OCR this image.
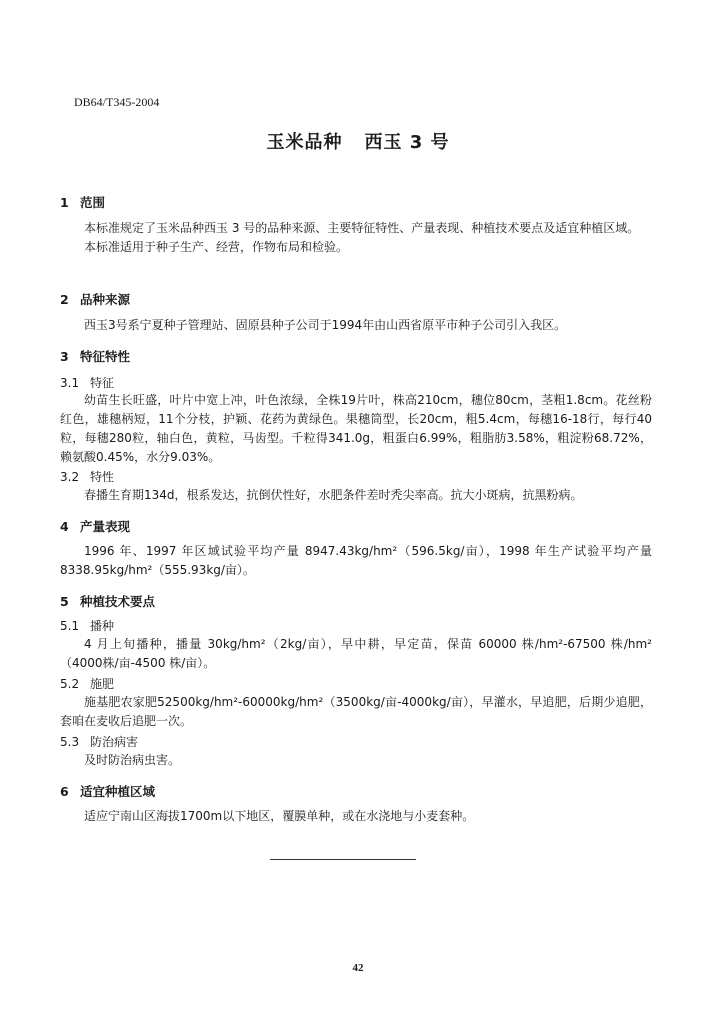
DB64/T345-2004
玉米品种 西玉 3 号
1 范围

本标准规定了玉米品种西玉 3 号的品种来源、主要特征特性、产量表现、种植技术要点及适宜种植区域。

本标准适用于种子生产、经营，作物布局和检验。

2 品种来源

西玉3号系宁夏种子管理站、固原县种子公司于1994年由山西省原平市种子公司引入我区。

3 特征特性
3.1 特征

幼苗生长旺盛，叶片中宽上冲，叶色浓绿，全株19片叶，株高210cm，穗位80cm，茎粗1.8cm。花丝粉红色，雄穗柄短，11个分枝，护颖、花药为黄绿色。果穗筒型，长20cm，粗5.4cm，每穗16-18行，每行40粒，每穗280粒，轴白色，黄粒，马齿型。千粒得341.0g，粗蛋白6.99%，粗脂肪3.58%，粗淀粉68.72%，赖氨酸0.45%，水分9.03%。

3.2 特性

春播生育期134d，根系发达，抗倒伏性好，水肥条件差时秃尖率高。抗大小斑病，抗黑粉病。

4 产量表现

1996 年、1997 年区域试验平均产量 8947.43kg/hm²（596.5kg/亩），1998 年生产试验平均产量8338.95kg/hm²（555.93kg/亩）。

5 种植技术要点
5.1 播种

4 月上旬播种，播量 30kg/hm²（2kg/亩），早中耕，早定苗，保苗 60000 株/hm²-67500 株/hm²（4000株/亩-4500 株/亩）。

5.2 施肥

施基肥农家肥52500kg/hm²-60000kg/hm²（3500kg/亩-4000kg/亩），早灌水，早追肥，后期少追肥，套咱在麦收后追肥一次。

5.3 防治病害

及时防治病虫害。

6 适宜种植区域

适应宁南山区海拔1700m以下地区，覆膜单种，或在水浇地与小麦套种。

42
